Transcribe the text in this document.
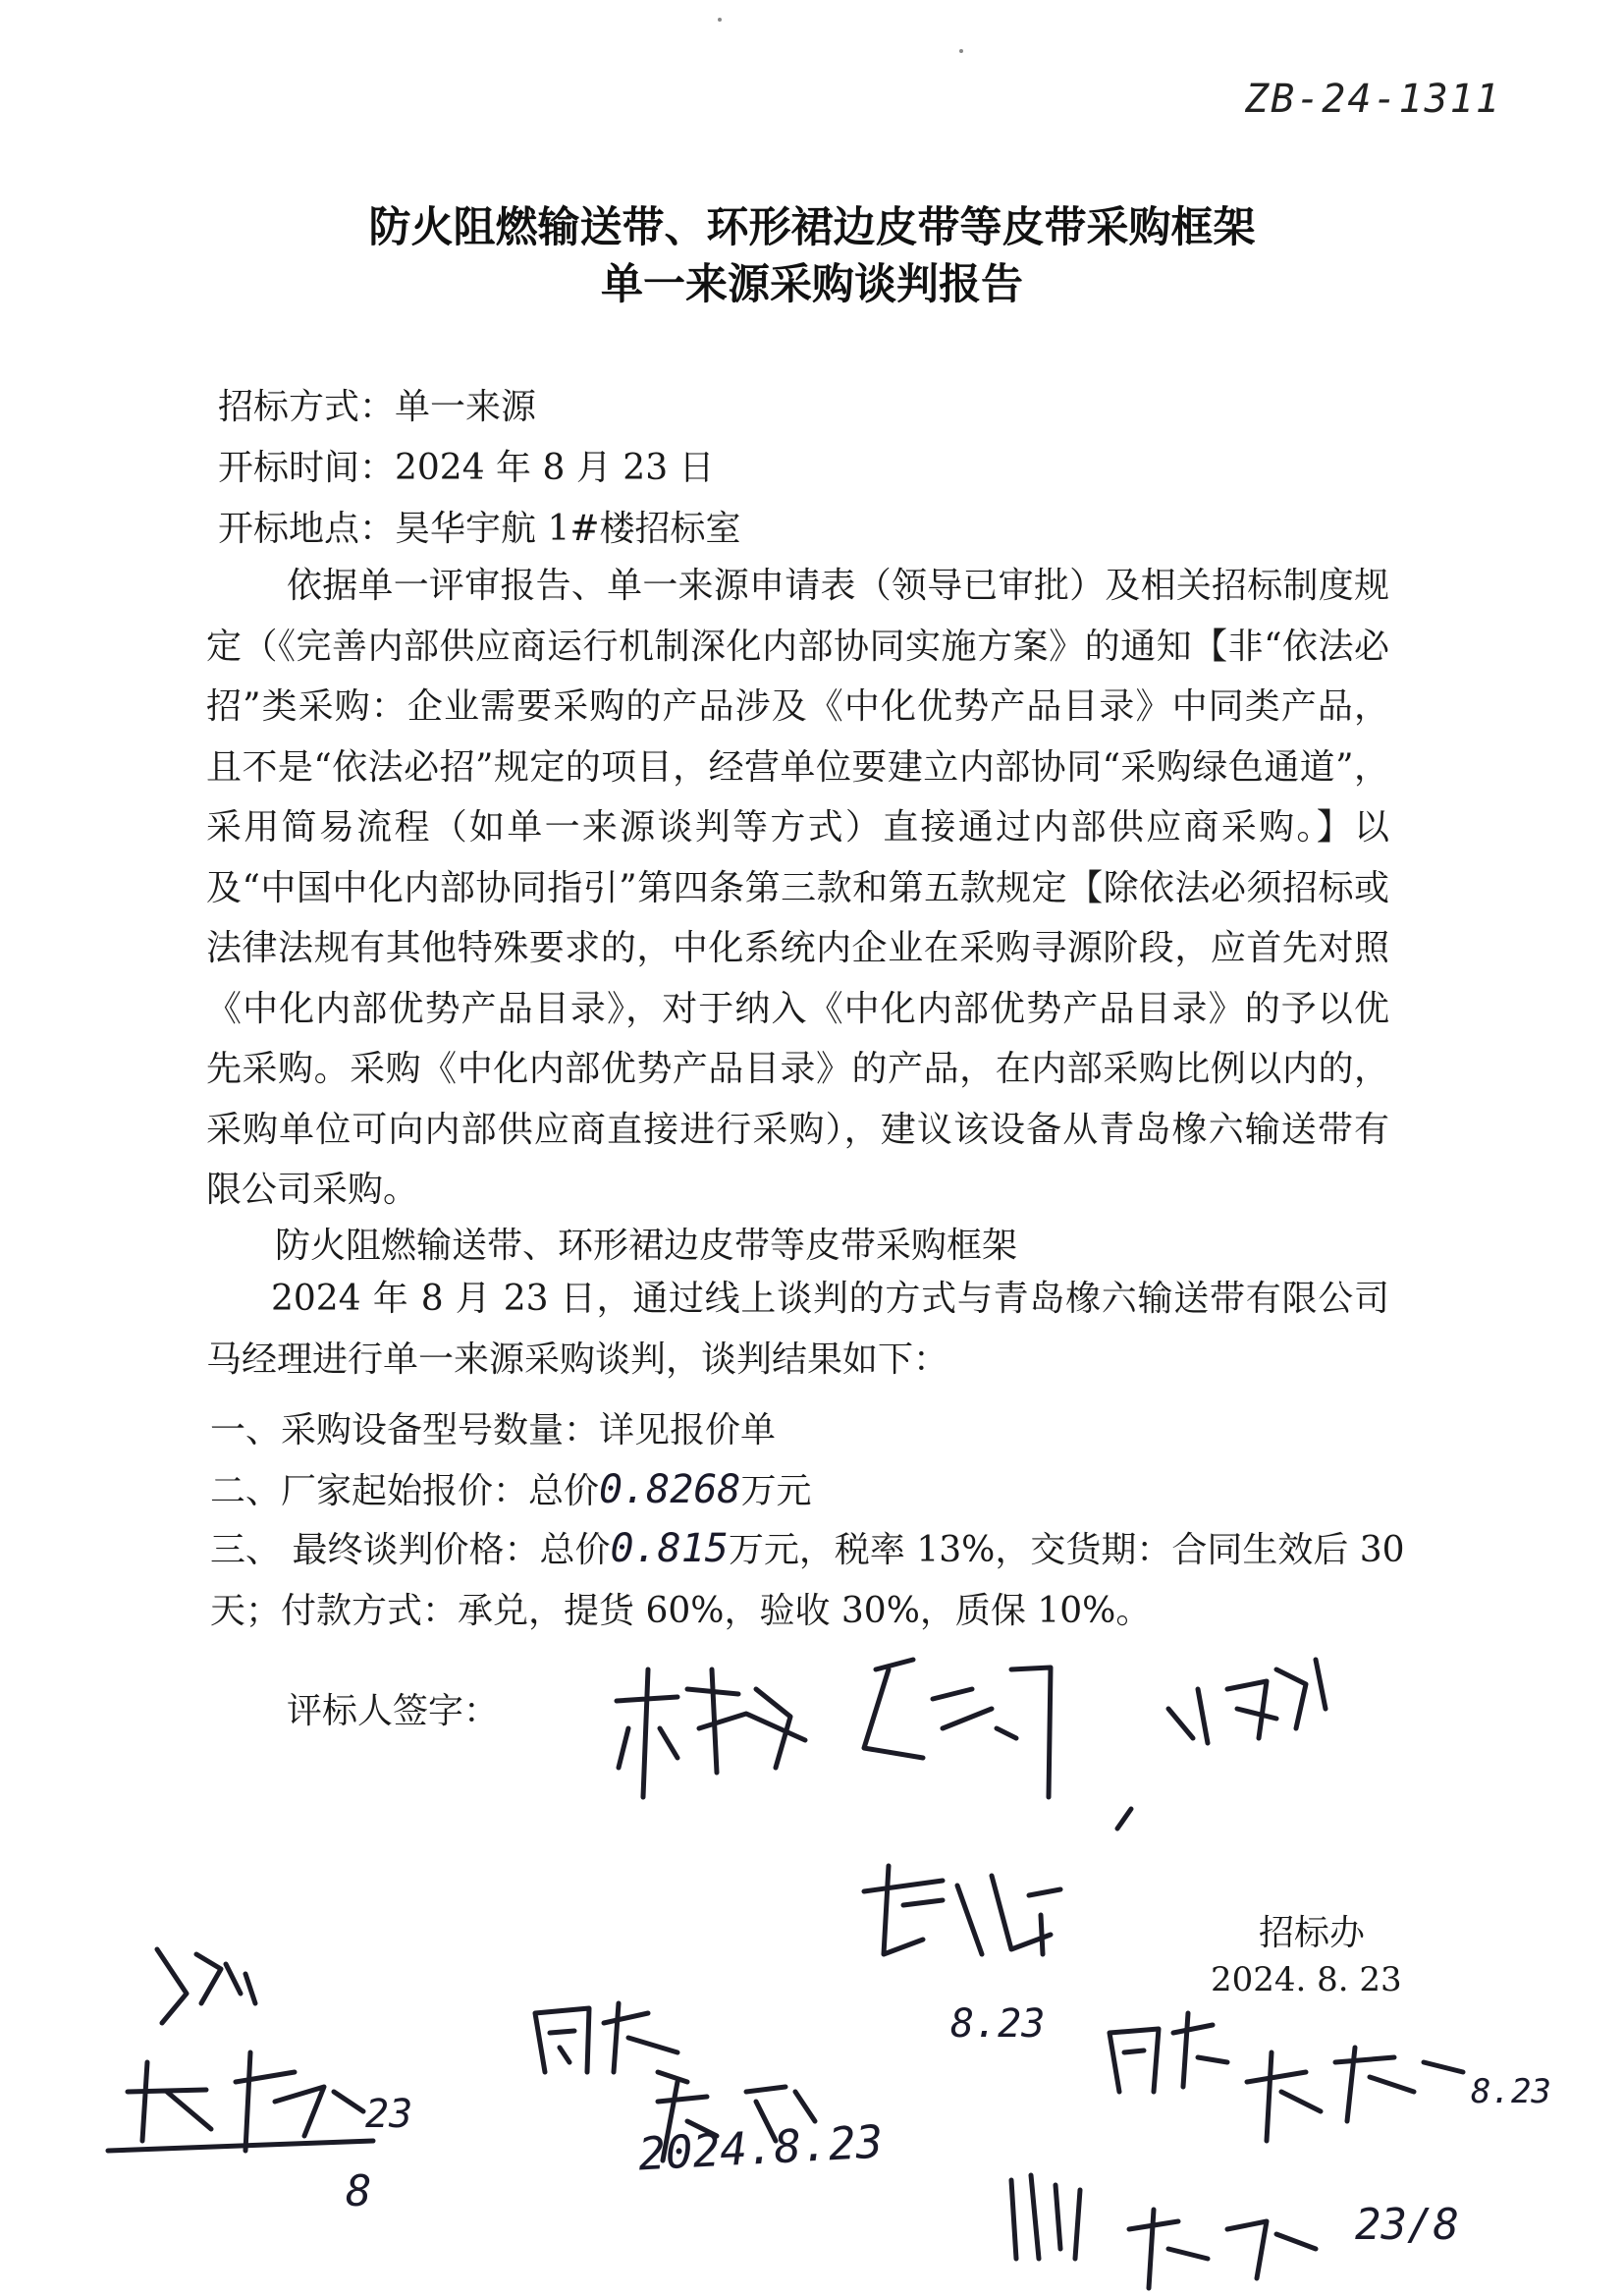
ZB-24-1311
防火阻燃输送带、环形裙边皮带等皮带采购框架
单一来源采购谈判报告
招标方式：单一来源
开标时间：2024 年 8 月 23 日
开标地点：昊华宇航 1#楼招标室
依据单一评审报告、单一来源申请表（领导已审批）及相关招标制度规定（《完善内部供应商运行机制深化内部协同实施方案》的通知【非“依法必招”类采购：企业需要采购的产品涉及《中化优势产品目录》中同类产品，且不是“依法必招”规定的项目，经营单位要建立内部协同“采购绿色通道”，采用简易流程（如单一来源谈判等方式）直接通过内部供应商采购。】以及“中国中化内部协同指引”第四条第三款和第五款规定【除依法必须招标或法律法规有其他特殊要求的，中化系统内企业在采购寻源阶段，应首先对照《中化内部优势产品目录》，对于纳入《中化内部优势产品目录》的予以优先采购。采购《中化内部优势产品目录》的产品，在内部采购比例以内的，采购单位可向内部供应商直接进行采购），建议该设备从青岛橡六输送带有限公司采购。
防火阻燃输送带、环形裙边皮带等皮带采购框架
2024 年 8 月 23 日，通过线上谈判的方式与青岛橡六输送带有限公司马经理进行单一来源采购谈判，谈判结果如下：
一、采购设备型号数量：详见报价单
二、厂家起始报价：总价0.8268万元
三、 最终谈判价格：总价0.815万元，税率 13%，交货期：合同生效后 30
天；付款方式：承兑，提货 60%，验收 30%，质保 10%。
评标人签字：
招标办
2024. 8. 23
8.23
2024.8.23
23
8
8.23
23/8
